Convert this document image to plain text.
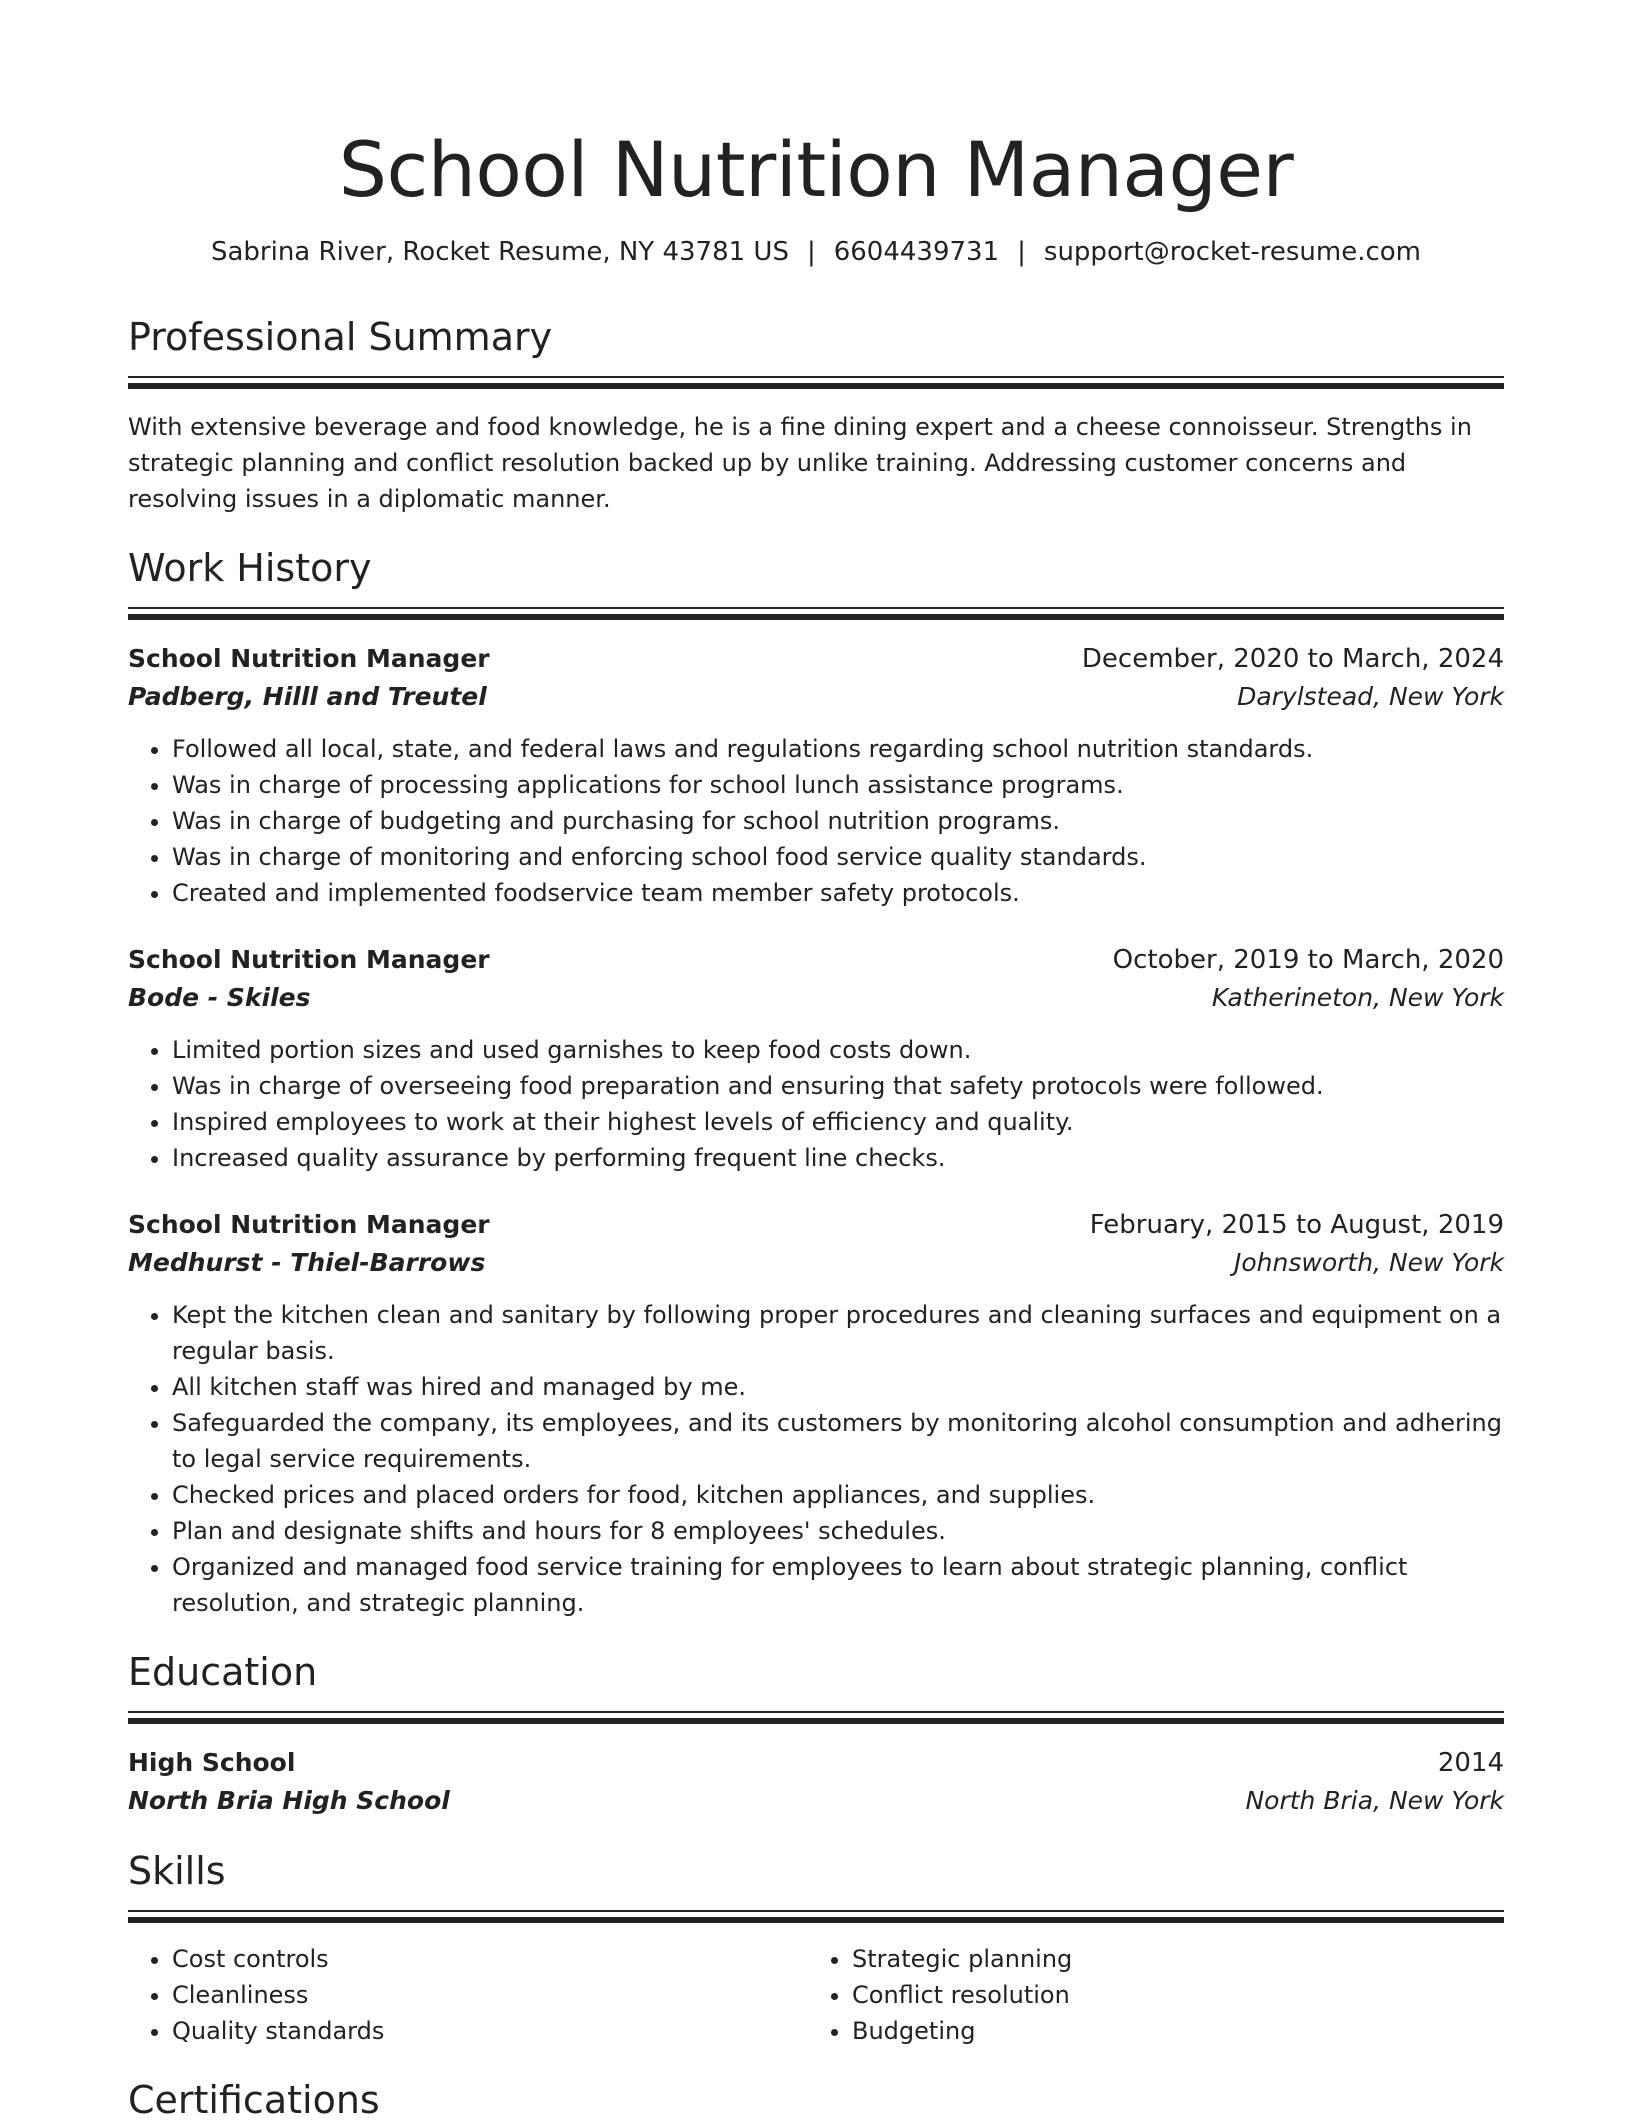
School Nutrition Manager
Sabrina River, Rocket Resume, NY 43781 US | 6604439731 | support@rocket-resume.com
Professional Summary

With extensive beverage and food knowledge, he is a fine dining expert and a cheese connoisseur. Strengths in strategic planning and conflict resolution backed up by unlike training. Addressing customer concerns and resolving issues in a diplomatic manner.

Work History
School Nutrition Manager	December, 2020 to March, 2024
Padberg, Hilll and Treutel	Darylstead, New York
• Followed all local, state, and federal laws and regulations regarding school nutrition standards.
• Was in charge of processing applications for school lunch assistance programs.
• Was in charge of budgeting and purchasing for school nutrition programs.
• Was in charge of monitoring and enforcing school food service quality standards.
• Created and implemented foodservice team member safety protocols.
School Nutrition Manager	October, 2019 to March, 2020
Bode - Skiles	Katherineton, New York
• Limited portion sizes and used garnishes to keep food costs down.
• Was in charge of overseeing food preparation and ensuring that safety protocols were followed.
• Inspired employees to work at their highest levels of efficiency and quality.
• Increased quality assurance by performing frequent line checks.
School Nutrition Manager	February, 2015 to August, 2019
Medhurst - Thiel-Barrows	Johnsworth, New York
• Kept the kitchen clean and sanitary by following proper procedures and cleaning surfaces and equipment on a regular basis.
• All kitchen staff was hired and managed by me.
• Safeguarded the company, its employees, and its customers by monitoring alcohol consumption and adhering to legal service requirements.
• Checked prices and placed orders for food, kitchen appliances, and supplies.
• Plan and designate shifts and hours for 8 employees' schedules.
• Organized and managed food service training for employees to learn about strategic planning, conflict resolution, and strategic planning.
Education
High School	2014
North Bria High School	North Bria, New York
Skills
• Cost controls
• Cleanliness
• Quality standards
• Strategic planning
• Conflict resolution
• Budgeting
Certifications
